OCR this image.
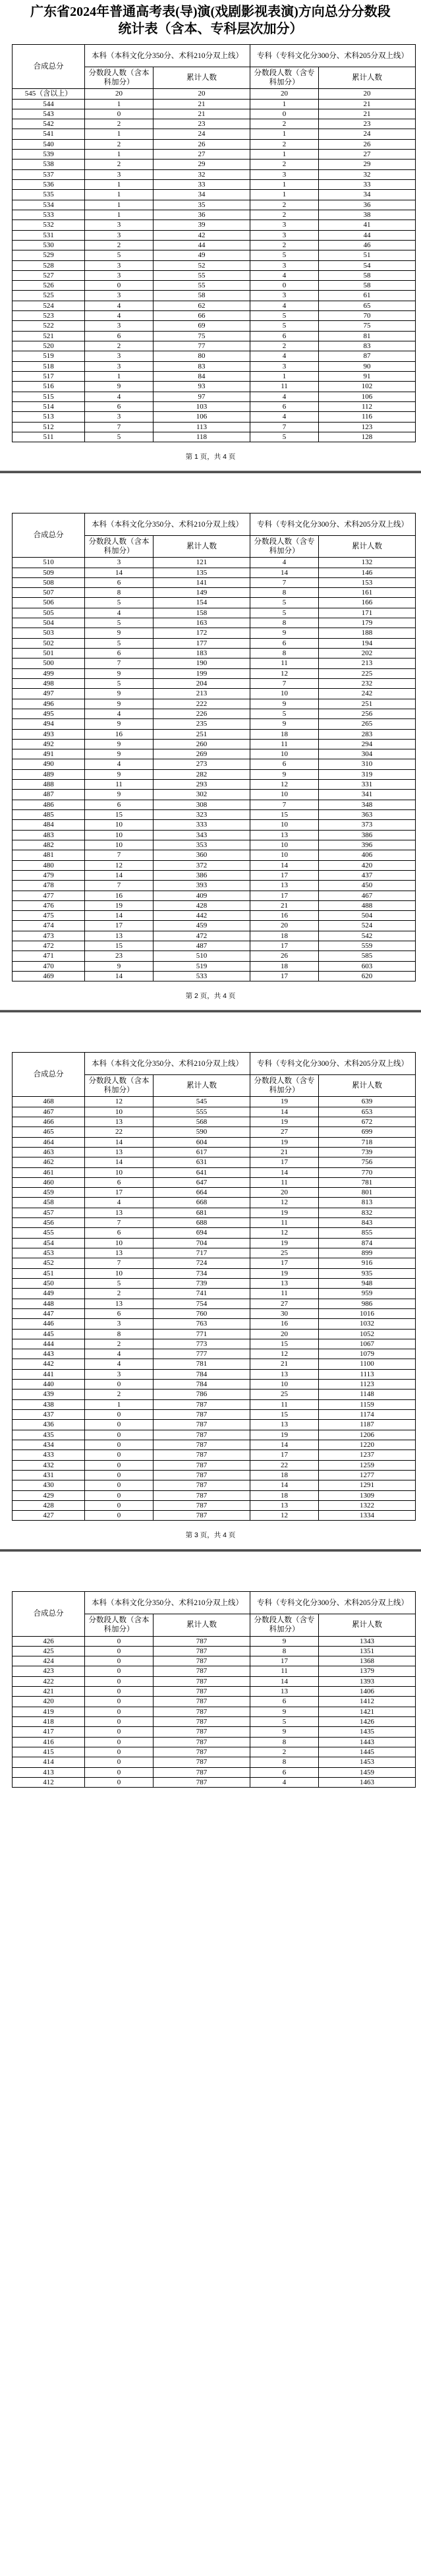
广东省2024年普通高考表(导)演(戏剧影视表演)方向总分分数段统计表（含本、专科层次加分）
合成总分	本科（本科文化分350分、术科210分双上线）		专科（专科文化分300分、术科205分双上线）	
	分数段人数（含本科加分）	累计人数	分数段人数（含专科加分）	累计人数
545（含以上）	20	20	20	20
544	1	21	1	21
543	0	21	0	21
542	2	23	2	23
541	1	24	1	24
540	2	26	2	26
539	1	27	1	27
538	2	29	2	29
537	3	32	3	32
536	1	33	1	33
535	1	34	1	34
534	1	35	2	36
533	1	36	2	38
532	3	39	3	41
531	3	42	3	44
530	2	44	2	46
529	5	49	5	51
528	3	52	3	54
527	3	55	4	58
526	0	55	0	58
525	3	58	3	61
524	4	62	4	65
523	4	66	5	70
522	3	69	5	75
521	6	75	6	81
520	2	77	2	83
519	3	80	4	87
518	3	83	3	90
517	1	84	1	91
516	9	93	11	102
515	4	97	4	106
514	6	103	6	112
513	3	106	4	116
512	7	113	7	123
511	5	118	5	128
第 1 页，共 4 页
合成总分	本科（本科文化分350分、术科210分双上线）		专科（专科文化分300分、术科205分双上线）	
	分数段人数（含本科加分）	累计人数	分数段人数（含专科加分）	累计人数
510	3	121	4	132
509	14	135	14	146
508	6	141	7	153
507	8	149	8	161
506	5	154	5	166
505	4	158	5	171
504	5	163	8	179
503	9	172	9	188
502	5	177	6	194
501	6	183	8	202
500	7	190	11	213
499	9	199	12	225
498	5	204	7	232
497	9	213	10	242
496	9	222	9	251
495	4	226	5	256
494	9	235	9	265
493	16	251	18	283
492	9	260	11	294
491	9	269	10	304
490	4	273	6	310
489	9	282	9	319
488	11	293	12	331
487	9	302	10	341
486	6	308	7	348
485	15	323	15	363
484	10	333	10	373
483	10	343	13	386
482	10	353	10	396
481	7	360	10	406
480	12	372	14	420
479	14	386	17	437
478	7	393	13	450
477	16	409	17	467
476	19	428	21	488
475	14	442	16	504
474	17	459	20	524
473	13	472	18	542
472	15	487	17	559
471	23	510	26	585
470	9	519	18	603
469	14	533	17	620
第 2 页，共 4 页
合成总分	本科（本科文化分350分、术科210分双上线）		专科（专科文化分300分、术科205分双上线）	
	分数段人数（含本科加分）	累计人数	分数段人数（含专科加分）	累计人数
468	12	545	19	639
467	10	555	14	653
466	13	568	19	672
465	22	590	27	699
464	14	604	19	718
463	13	617	21	739
462	14	631	17	756
461	10	641	14	770
460	6	647	11	781
459	17	664	20	801
458	4	668	12	813
457	13	681	19	832
456	7	688	11	843
455	6	694	12	855
454	10	704	19	874
453	13	717	25	899
452	7	724	17	916
451	10	734	19	935
450	5	739	13	948
449	2	741	11	959
448	13	754	27	986
447	6	760	30	1016
446	3	763	16	1032
445	8	771	20	1052
444	2	773	15	1067
443	4	777	12	1079
442	4	781	21	1100
441	3	784	13	1113
440	0	784	10	1123
439	2	786	25	1148
438	1	787	11	1159
437	0	787	15	1174
436	0	787	13	1187
435	0	787	19	1206
434	0	787	14	1220
433	0	787	17	1237
432	0	787	22	1259
431	0	787	18	1277
430	0	787	14	1291
429	0	787	18	1309
428	0	787	13	1322
427	0	787	12	1334
第 3 页，共 4 页
合成总分	本科（本科文化分350分、术科210分双上线）		专科（专科文化分300分、术科205分双上线）	
	分数段人数（含本科加分）	累计人数	分数段人数（含专科加分）	累计人数
426	0	787	9	1343
425	0	787	8	1351
424	0	787	17	1368
423	0	787	11	1379
422	0	787	14	1393
421	0	787	13	1406
420	0	787	6	1412
419	0	787	9	1421
418	0	787	5	1426
417	0	787	9	1435
416	0	787	8	1443
415	0	787	2	1445
414	0	787	8	1453
413	0	787	6	1459
412	0	787	4	1463
